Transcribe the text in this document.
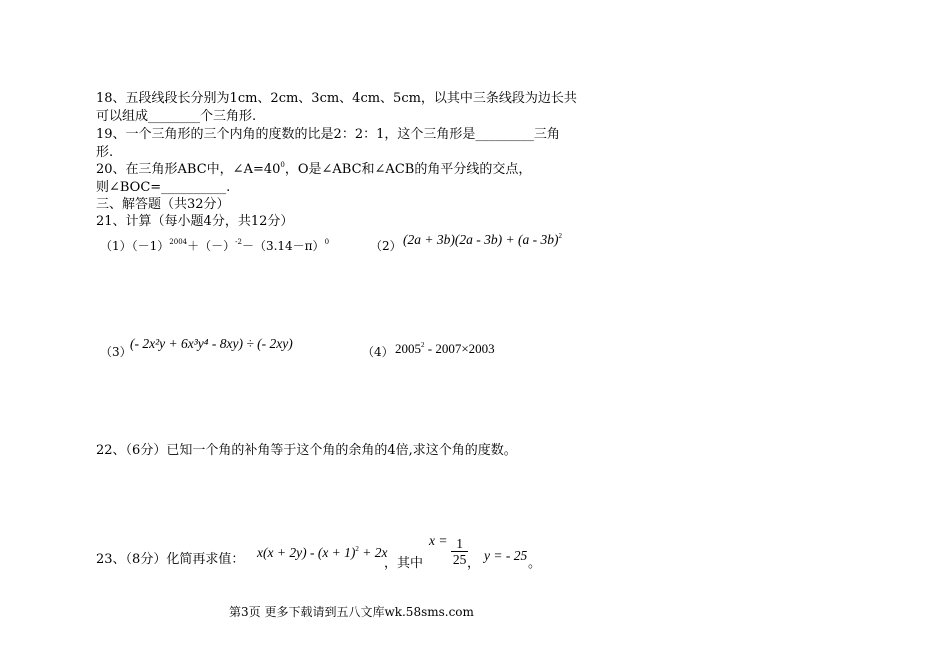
18、五段线段长分别为1cm、2cm、3cm、4cm、5cm，以其中三条线段为边长共
可以组成________个三角形.
19、一个三角形的三个内角的度数的比是2：2：1，这个三角形是_________三角
形.
20、在三角形ABC中，$\angle A=40^0$，O是∠ABC和∠ACB的角平分线的交点，
则∠BOC=__________.
三、解答题（共32分）
21、计算（每小题4分，共12分）
$(1)(-1)^{2004}+(-)^{-2}-(3.14-\pi)^0$	（2） (2a + 3b)(2a - 3b) + (a - 3b)$^2$
（3）
(- 2x²y + 6x³y⁴ - 8xy) ÷ (- 2xy)
（4） 2005$^2$ - 2007×2003
22、（6分）已知一个角的补角等于这个角的余角的4倍,求这个角的度数。
23、（8分）化简再求值： $x(x + 2y) - (x + 1)^2 + 2x$
，其中
$x = \frac{1}{25}$
，
y = - 25
。
第3页 更多下载请到五八文库wk.58sms.com
